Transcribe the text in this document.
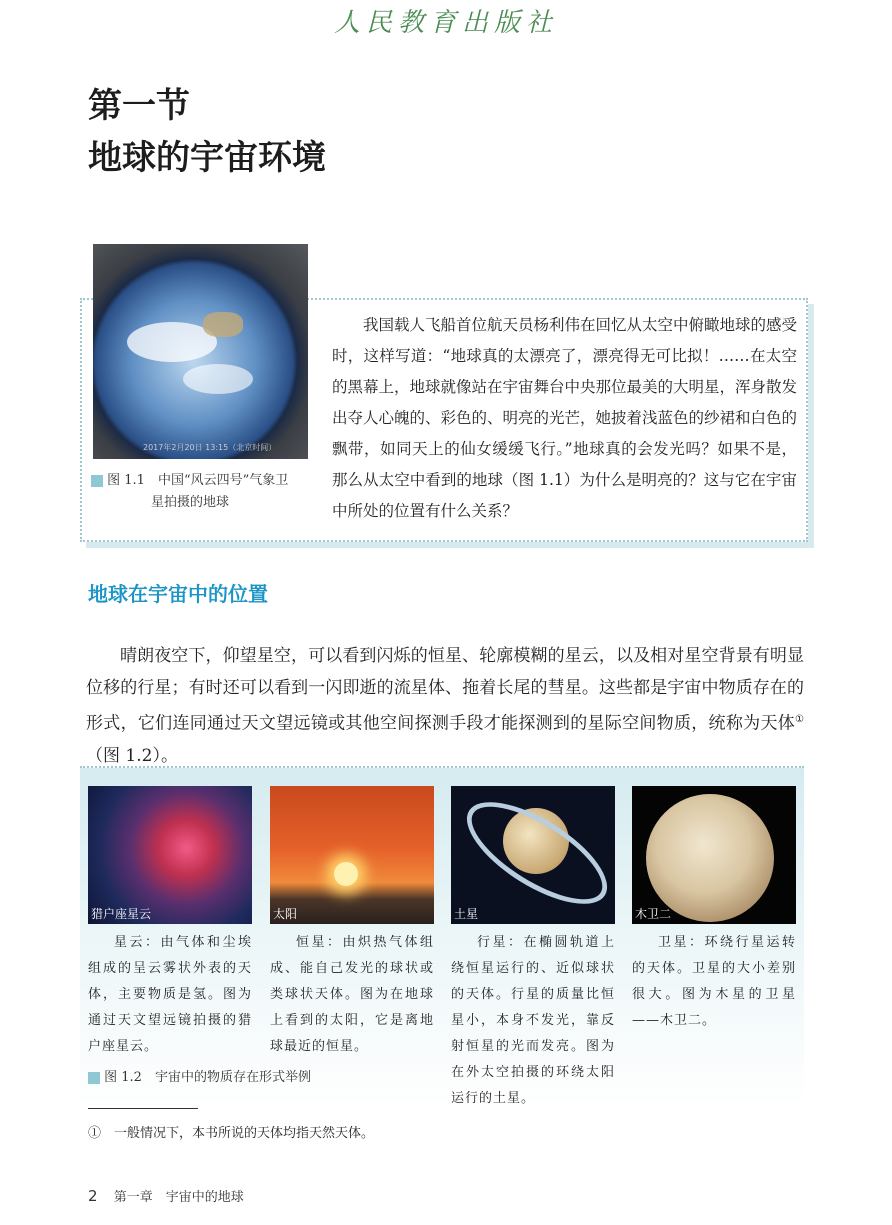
人民教育出版社
第一节
地球的宇宙环境
2017年2月20日 13:15（北京时间）
图 1.1　中国“风云四号”气象卫
星拍摄的地球
我国载人飞船首位航天员杨利伟在回忆从太空中俯瞰地球的感受时，这样写道：“地球真的太漂亮了，漂亮得无可比拟！……在太空的黑幕上，地球就像站在宇宙舞台中央那位最美的大明星，浑身散发出夺人心魄的、彩色的、明亮的光芒，她披着浅蓝色的纱裙和白色的飘带，如同天上的仙女缓缓飞行。”地球真的会发光吗？如果不是，那么从太空中看到的地球（图 1.1）为什么是明亮的？这与它在宇宙中所处的位置有什么关系？
地球在宇宙中的位置
晴朗夜空下，仰望星空，可以看到闪烁的恒星、轮廓模糊的星云，以及相对星空背景有明显位移的行星；有时还可以看到一闪即逝的流星体、拖着长尾的彗星。这些都是宇宙中物质存在的形式，它们连同通过天文望远镜或其他空间探测手段才能探测到的星际空间物质，统称为天体①（图 1.2）。
猎户座星云	太阳	土星	木卫二
星云：由气体和尘埃组成的呈云雾状外表的天体，主要物质是氢。图为通过天文望远镜拍摄的猎户座星云。
恒星：由炽热气体组成、能自己发光的球状或类球状天体。图为在地球上看到的太阳，它是离地球最近的恒星。
行星：在椭圆轨道上绕恒星运行的、近似球状的天体。行星的质量比恒星小，本身不发光，靠反射恒星的光而发亮。图为在外太空拍摄的环绕太阳运行的土星。
卫星：环绕行星运转的天体。卫星的大小差别很大。图为木星的卫星——木卫二。
图 1.2　宇宙中的物质存在形式举例
①　一般情况下，本书所说的天体均指天然天体。
2 第一章　宇宙中的地球
